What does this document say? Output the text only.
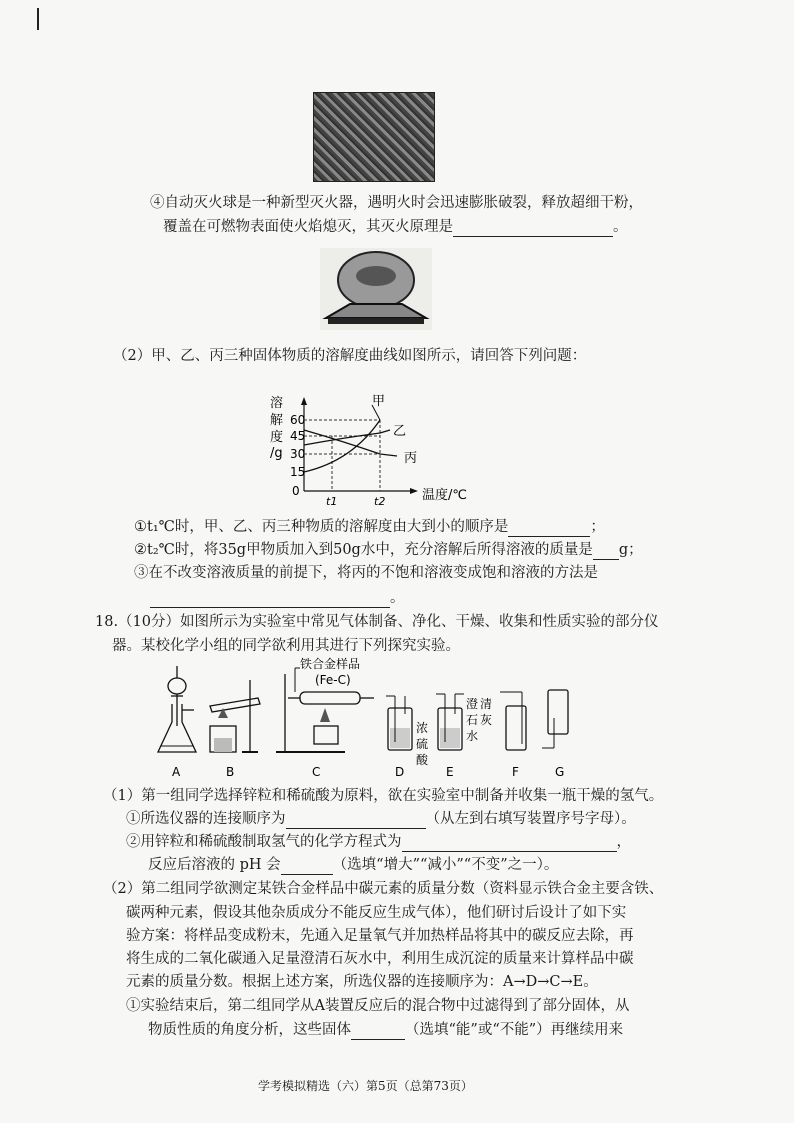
④自动灭火球是一种新型灭火器，遇明火时会迅速膨胀破裂，释放超细干粉，
覆盖在可燃物表面使火焰熄灭，其灭火原理是	。
（2）甲、乙、丙三种固体物质的溶解度曲线如图所示，请回答下列问题：
溶
解
度
/g
60
45
30
15
0
甲
乙
丙
t1	t2	温度/℃
①t₁℃时，甲、乙、丙三种物质的溶解度由大到小的顺序是	；
②t₂℃时，将35g甲物质加入到50g水中，充分溶解后所得溶液的质量是 g；
③在不改变溶液质量的前提下，将丙的不饱和溶液变成饱和溶液的方法是
。
18.（10分）如图所示为实验室中常见气体制备、净化、干燥、收集和性质实验的部分仪
器。某校化学小组的同学欲利用其进行下列探究实验。
铁合金样品
(Fe-C)
浓
硫
酸
澄 清
石 灰
水
A	B	C	D	E	F	G
（1）第一组同学选择锌粒和稀硫酸为原料，欲在实验室中制备并收集一瓶干燥的氢气。
①所选仪器的连接顺序为	（从左到右填写装置序号字母）。
②用锌粒和稀硫酸制取氢气的化学方程式为	，
反应后溶液的 pH 会	（选填“增大”“减小”“不变”之一）。
（2）第二组同学欲测定某铁合金样品中碳元素的质量分数（资料显示铁合金主要含铁、
碳两种元素，假设其他杂质成分不能反应生成气体），他们研讨后设计了如下实
验方案：将样品变成粉末，先通入足量氧气并加热样品将其中的碳反应去除，再
将生成的二氧化碳通入足量澄清石灰水中，利用生成沉淀的质量来计算样品中碳
元素的质量分数。根据上述方案，所选仪器的连接顺序为：A→D→C→E。
①实验结束后，第二组同学从A装置反应后的混合物中过滤得到了部分固体，从
物质性质的角度分析，这些固体	（选填“能”或“不能”）再继续用来
学考模拟精选（六）第5页（总第73页）
